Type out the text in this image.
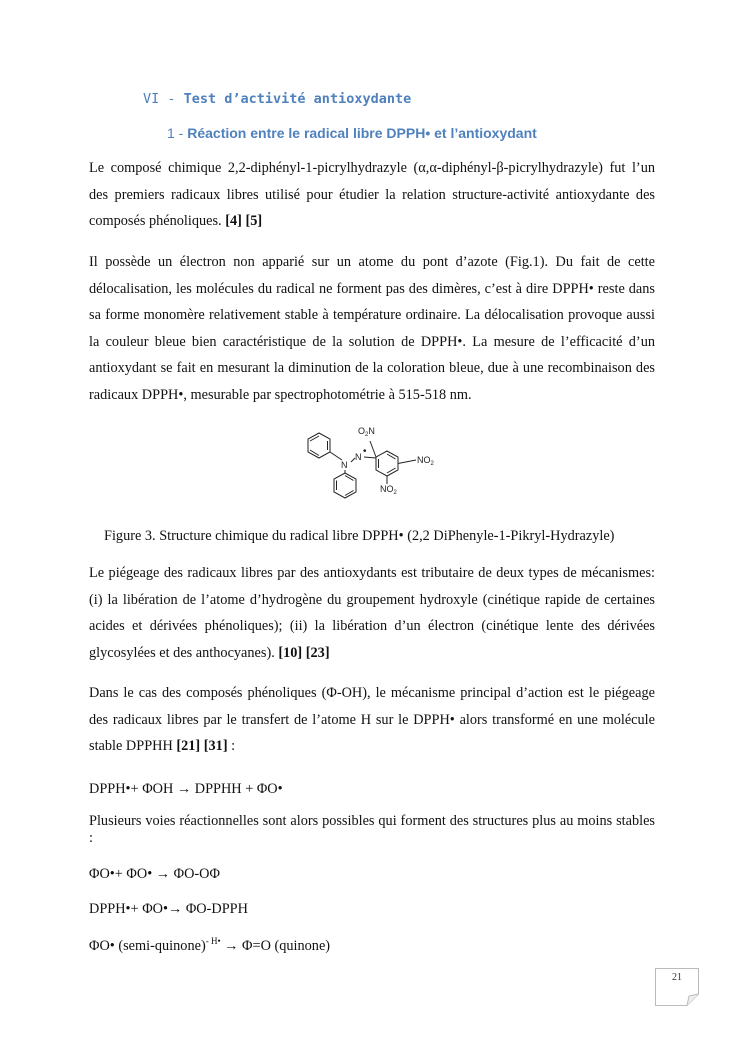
VI - Test d’activité antioxydante
1 - Réaction entre le radical libre DPPH• et l’antioxydant

Le composé chimique 2,2-diphényl-1-picrylhydrazyle (α,α-diphényl-β-picrylhydrazyle) fut l’un des premiers radicaux libres utilisé pour étudier la relation structure-activité antioxydante des composés phénoliques. [4] [5]

Il possède un électron non apparié sur un atome du pont d’azote (Fig.1). Du fait de cette délocalisation, les molécules du radical ne forment pas des dimères, c’est à dire DPPH• reste dans sa forme monomère relativement stable à température ordinaire. La délocalisation provoque aussi la couleur bleue bien caractéristique de la solution de DPPH•. La mesure de l’efficacité d’un antioxydant se fait en mesurant la diminution de la coloration bleue, due à une recombinaison des radicaux DPPH•, mesurable par spectrophotométrie à 515-518 nm.

$O_2N$
N
N •
$NO_2$
$NO_2$
Figure 3. Structure chimique du radical libre DPPH• (2,2 DiPhenyle-1-Pikryl-Hydrazyle)

Le piégeage des radicaux libres par des antioxydants est tributaire de deux types de mécanismes: (i) la libération de l’atome d’hydrogène du groupement hydroxyle (cinétique rapide de certaines acides et dérivées phénoliques); (ii) la libération d’un électron (cinétique lente des dérivées glycosylées et des anthocyanes). [10] [23]

Dans le cas des composés phénoliques (Φ-OH), le mécanisme principal d’action est le piégeage des radicaux libres par le transfert de l’atome H sur le DPPH• alors transformé en une molécule stable DPPHH [21] [31] :

DPPH•+ ΦOH → DPPHH + ΦO•

Plusieurs voies réactionnelles sont alors possibles qui forment des structures plus au moins stables :

ΦO•+ ΦO• → ΦO-OΦ

DPPH•+ ΦO•→ ΦO-DPPH

ΦO• (semi-quinone)$^{- H•}$ → Φ=O (quinone)

21
